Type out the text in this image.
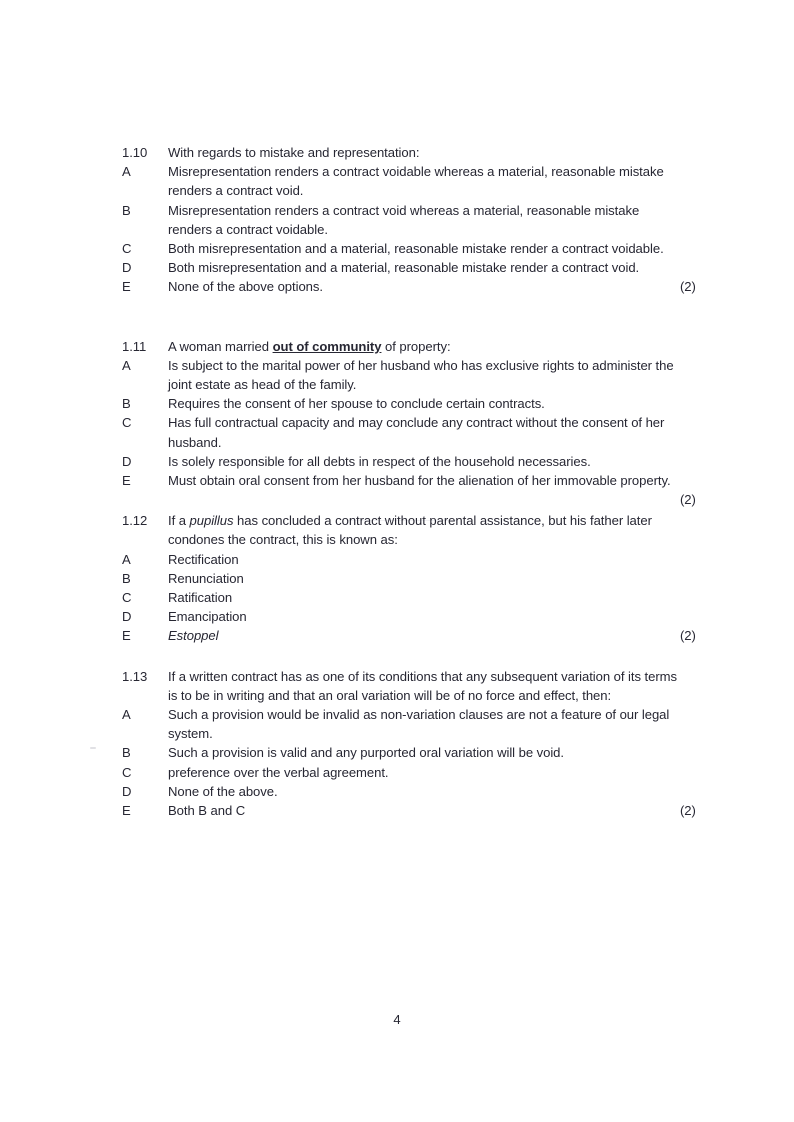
1.10	With regards to mistake and representation:
A	Misrepresentation renders a contract voidable whereas a material, reasonable mistake renders a contract void.
B	Misrepresentation renders a contract void whereas a material, reasonable mistake renders a contract voidable.
C	Both misrepresentation and a material, reasonable mistake render a contract voidable.
D	Both misrepresentation and a material, reasonable mistake render a contract void.
E	None of the above options.	(2)
1.11	A woman married out of community of property:
A	Is subject to the marital power of her husband who has exclusive rights to administer the joint estate as head of the family.
B	Requires the consent of her spouse to conclude certain contracts.
C	Has full contractual capacity and may conclude any contract without the consent of her husband.
D	Is solely responsible for all debts in respect of the household necessaries.
E	Must obtain oral consent from her husband for the alienation of her immovable property.
(2)
1.12	If a pupillus has concluded a contract without parental assistance, but his father later condones the contract, this is known as:
A	Rectification
B	Renunciation
C	Ratification
D	Emancipation
E	Estoppel	(2)
1.13	If a written contract has as one of its conditions that any subsequent variation of its terms is to be in writing and that an oral variation will be of no force and effect, then:
A	Such a provision would be invalid as non-variation clauses are not a feature of our legal system.
B	Such a provision is valid and any purported oral variation will be void.
C	preference over the verbal agreement.
D	None of the above.
E	Both B and C	(2)
4
